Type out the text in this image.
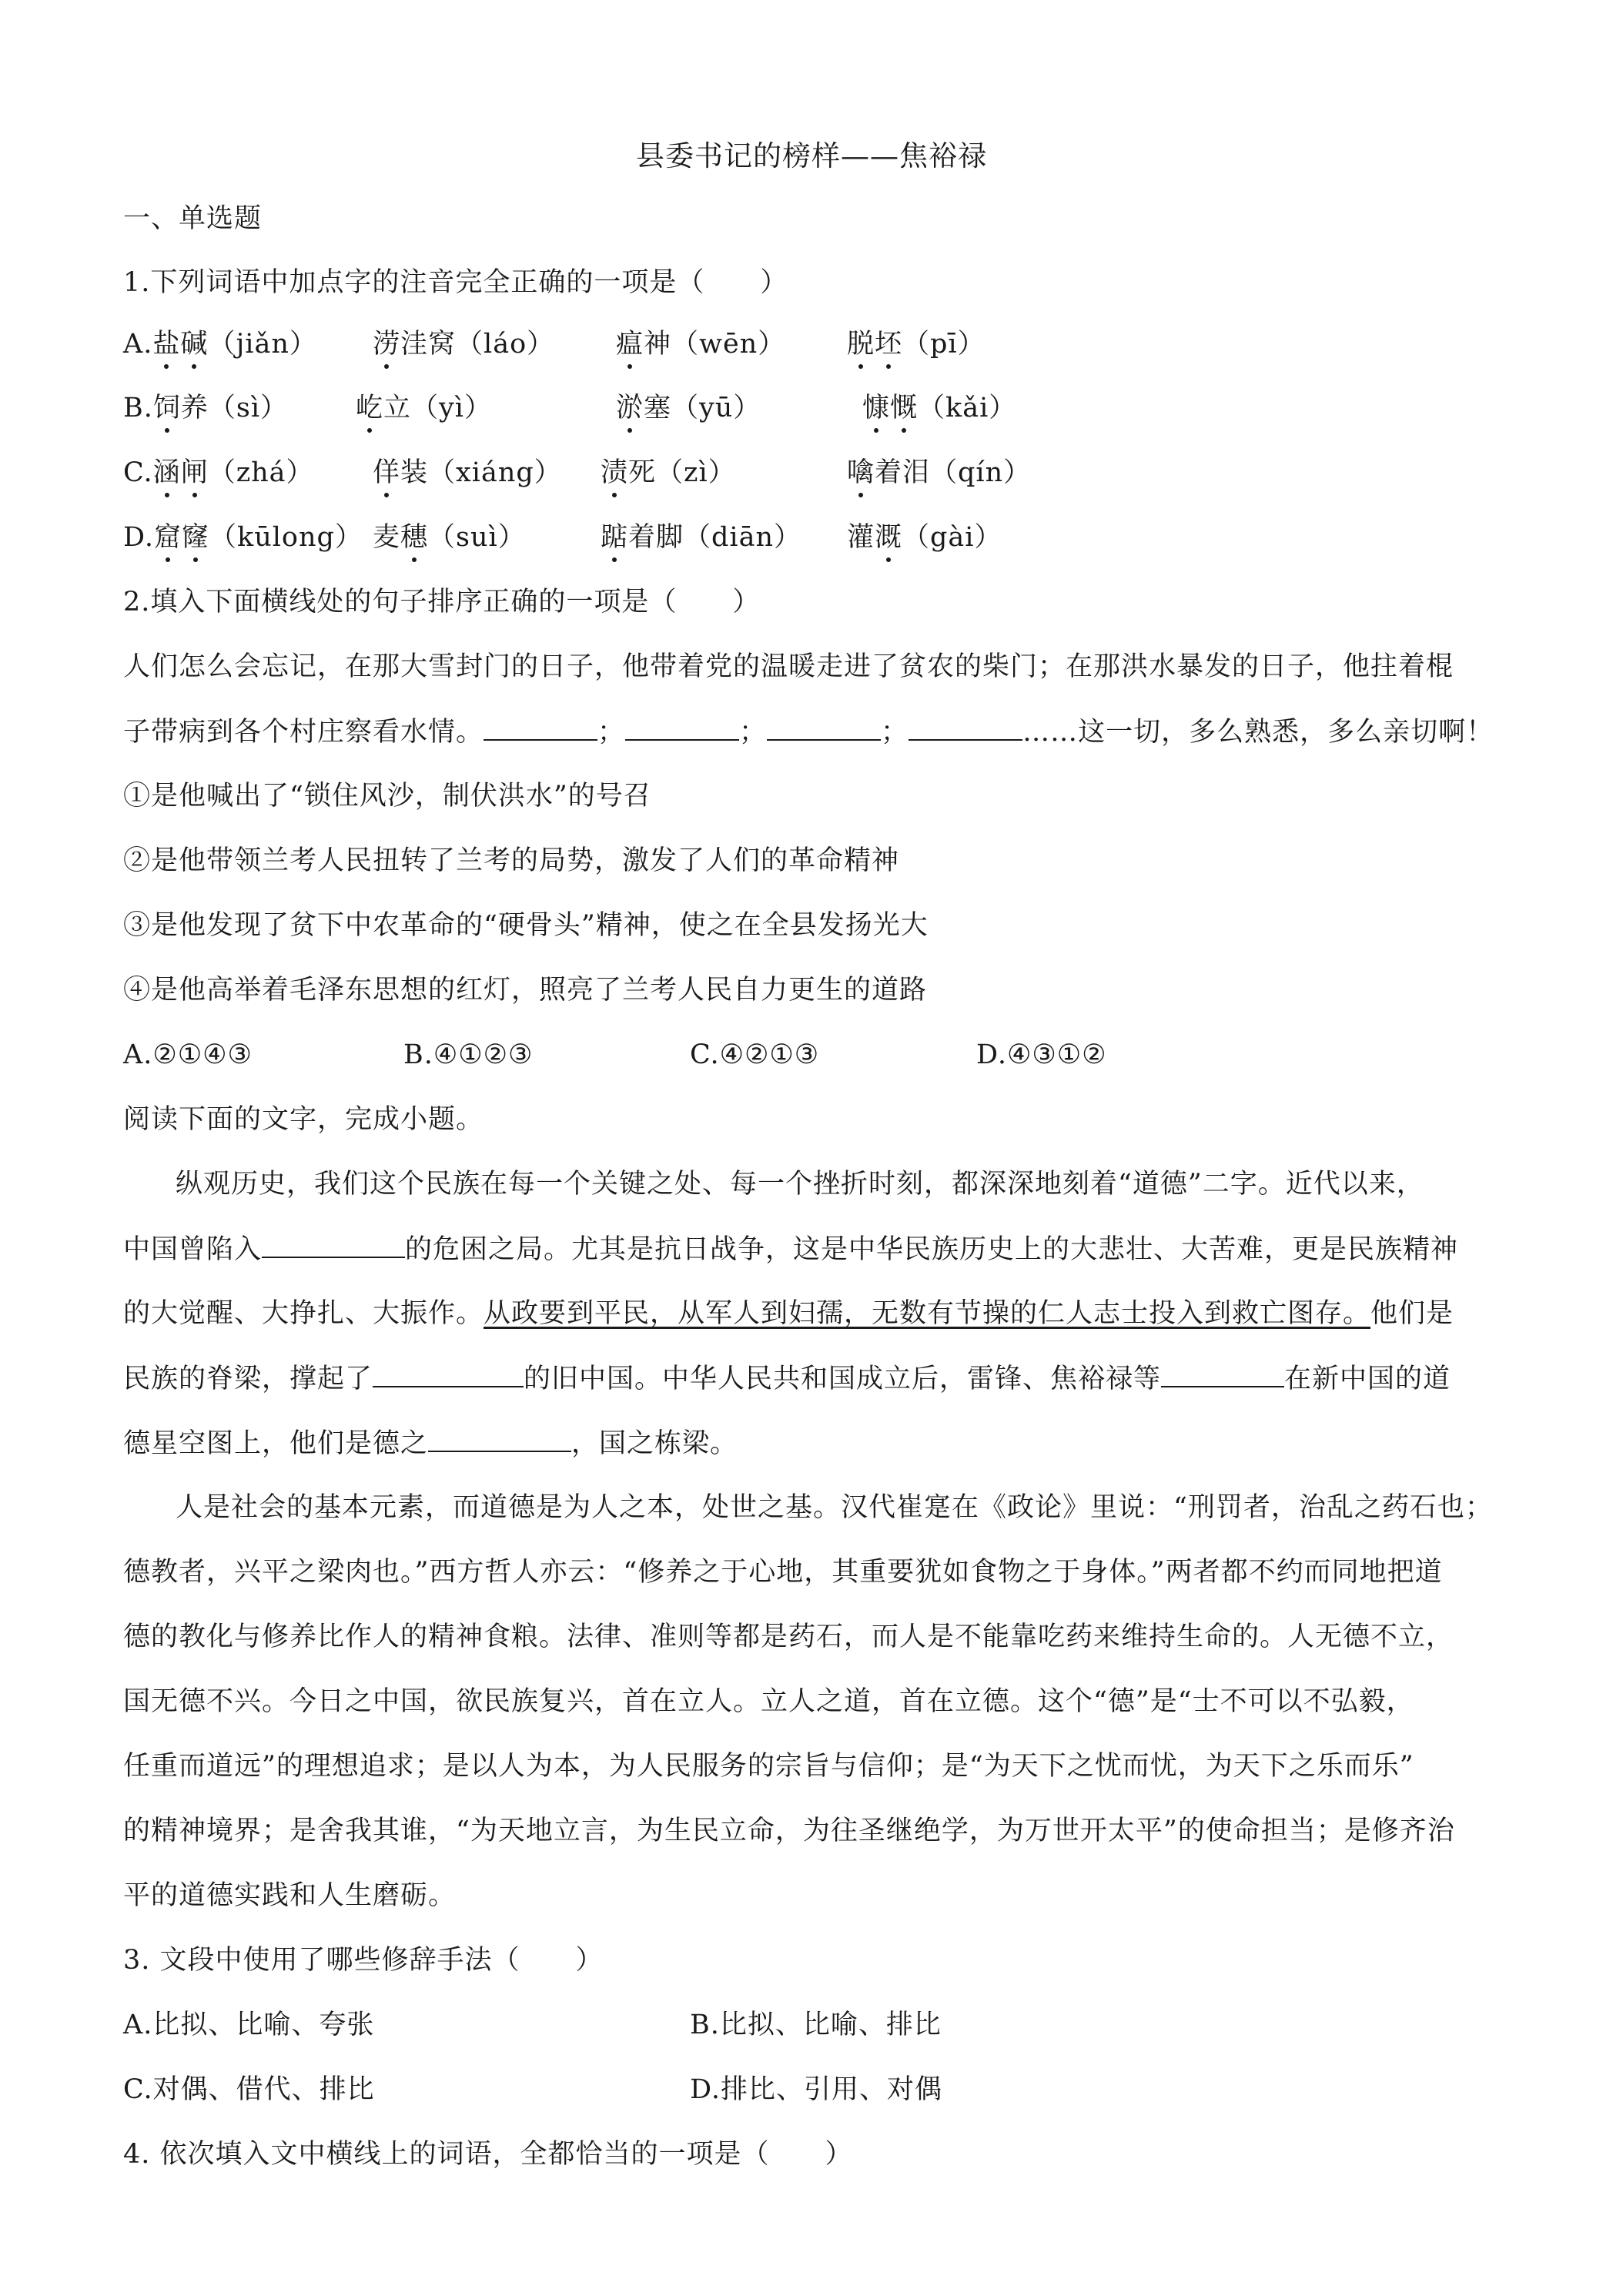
县委书记的榜样——焦裕禄
一、单选题
1.下列词语中加点字的注音完全正确的一项是（　　）
A.盐碱（jiǎn） 涝洼窝（láo） 瘟神（wēn） 脱坯（pī）
B.饲养（sì）	屹立（yì）	淤塞（yū）	慷慨（kǎi）
C.涵闸（zhá） 佯装（xiáng） 渍死（zì）	噙着泪（qín）
D.窟窿（kūlong） 麦穗（suì）	踮着脚（diān） 灌溉（gài）
2.填入下面横线处的句子排序正确的一项是（　　）
人们怎么会忘记，在那大雪封门的日子，他带着党的温暖走进了贫农的柴门；在那洪水暴发的日子，他拄着棍
子带病到各个村庄察看水情。	；	；	；	……这一切，多么熟悉，多么亲切啊！
①是他喊出了“锁住风沙，制伏洪水”的号召
②是他带领兰考人民扭转了兰考的局势，激发了人们的革命精神
③是他发现了贫下中农革命的“硬骨头”精神，使之在全县发扬光大
④是他高举着毛泽东思想的红灯，照亮了兰考人民自力更生的道路
A.②①④③	B.④①②③	C.④②①③	D.④③①②
阅读下面的文字，完成小题。
纵观历史，我们这个民族在每一个关键之处、每一个挫折时刻，都深深地刻着“道德”二字。近代以来，
中国曾陷入	的危困之局。尤其是抗日战争，这是中华民族历史上的大悲壮、大苦难，更是民族精神
的大觉醒、大挣扎、大振作。从政要到平民，从军人到妇孺，无数有节操的仁人志士投入到救亡图存。他们是
民族的脊梁，撑起了	的旧中国。中华人民共和国成立后，雷锋、焦裕禄等	在新中国的道
德星空图上，他们是德之	，国之栋梁。
人是社会的基本元素，而道德是为人之本，处世之基。汉代崔寔在《政论》里说：“刑罚者，治乱之药石也；
德教者，兴平之梁肉也。”西方哲人亦云：“修养之于心地，其重要犹如食物之于身体。”两者都不约而同地把道
德的教化与修养比作人的精神食粮。法律、准则等都是药石，而人是不能靠吃药来维持生命的。人无德不立，
国无德不兴。今日之中国，欲民族复兴，首在立人。立人之道，首在立德。这个“德”是“士不可以不弘毅，
任重而道远”的理想追求；是以人为本，为人民服务的宗旨与信仰；是“为天下之忧而忧，为天下之乐而乐”
的精神境界；是舍我其谁，“为天地立言，为生民立命，为往圣继绝学，为万世开太平”的使命担当；是修齐治
平的道德实践和人生磨砺。
3. 文段中使用了哪些修辞手法（　　）
A.比拟、比喻、夸张	B.比拟、比喻、排比
C.对偶、借代、排比	D.排比、引用、对偶
4. 依次填入文中横线上的词语，全都恰当的一项是（　　）
